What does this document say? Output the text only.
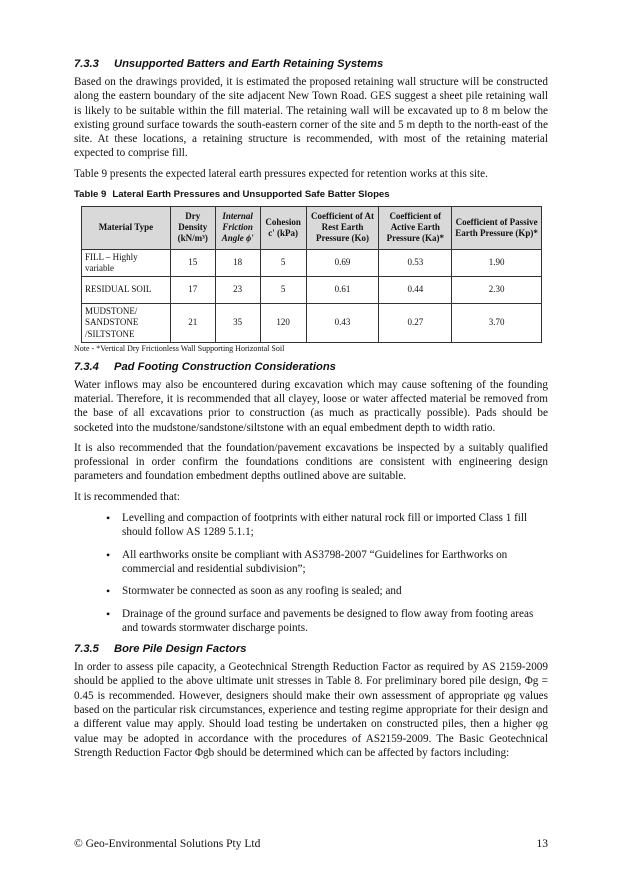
7.3.3 Unsupported Batters and Earth Retaining Systems

Based on the drawings provided, it is estimated the proposed retaining wall structure will be constructed along the eastern boundary of the site adjacent New Town Road. GES suggest a sheet pile retaining wall is likely to be suitable within the fill material. The retaining wall will be excavated up to 8 m below the existing ground surface towards the south-eastern corner of the site and 5 m depth to the north-east of the site. At these locations, a retaining structure is recommended, with most of the retaining material expected to comprise fill.

Table 9 presents the expected lateral earth pressures expected for retention works at this site.

Table 9 Lateral Earth Pressures and Unsupported Safe Batter Slopes
Material Type	Dry Density (kN/m³)	Internal Friction Angle ϕ'	Cohesion c' (kPa)	Coefficient of At Rest Earth Pressure (Ko)	Coefficient of Active Earth Pressure (Ka)*	Coefficient of Passive Earth Pressure (Kp)*
FILL – Highly variable	15	18	5	0.69	0.53	1.90
RESIDUAL SOIL	17	23	5	0.61	0.44	2.30
MUDSTONE/ SANDSTONE /SILTSTONE	21	35	120	0.43	0.27	3.70
Note - *Vertical Dry Frictionless Wall Supporting Horizontal Soil
7.3.4 Pad Footing Construction Considerations

Water inflows may also be encountered during excavation which may cause softening of the founding material. Therefore, it is recommended that all clayey, loose or water affected material be removed from the base of all excavations prior to construction (as much as practically possible). Pads should be socketed into the mudstone/sandstone/siltstone with an equal embedment depth to width ratio.

It is also recommended that the foundation/pavement excavations be inspected by a suitably qualified professional in order confirm the foundations conditions are consistent with engineering design parameters and foundation embedment depths outlined above are suitable.

It is recommended that:

• Levelling and compaction of footprints with either natural rock fill or imported Class 1 fill should follow AS 1289 5.1.1;
• All earthworks onsite be compliant with AS3798-2007 “Guidelines for Earthworks on commercial and residential subdivision”;
• Stormwater be connected as soon as any roofing is sealed; and
• Drainage of the ground surface and pavements be designed to flow away from footing areas and towards stormwater discharge points.
7.3.5 Bore Pile Design Factors

In order to assess pile capacity, a Geotechnical Strength Reduction Factor as required by AS 2159-2009 should be applied to the above ultimate unit stresses in Table 8. For preliminary bored pile design, Φg = 0.45 is recommended. However, designers should make their own assessment of appropriate φg values based on the particular risk circumstances, experience and testing regime appropriate for their design and a different value may apply. Should load testing be undertaken on constructed piles, then a higher φg value may be adopted in accordance with the procedures of AS2159-2009. The Basic Geotechnical Strength Reduction Factor Φgb should be determined which can be affected by factors including:

© Geo-Environmental Solutions Pty Ltd	13
